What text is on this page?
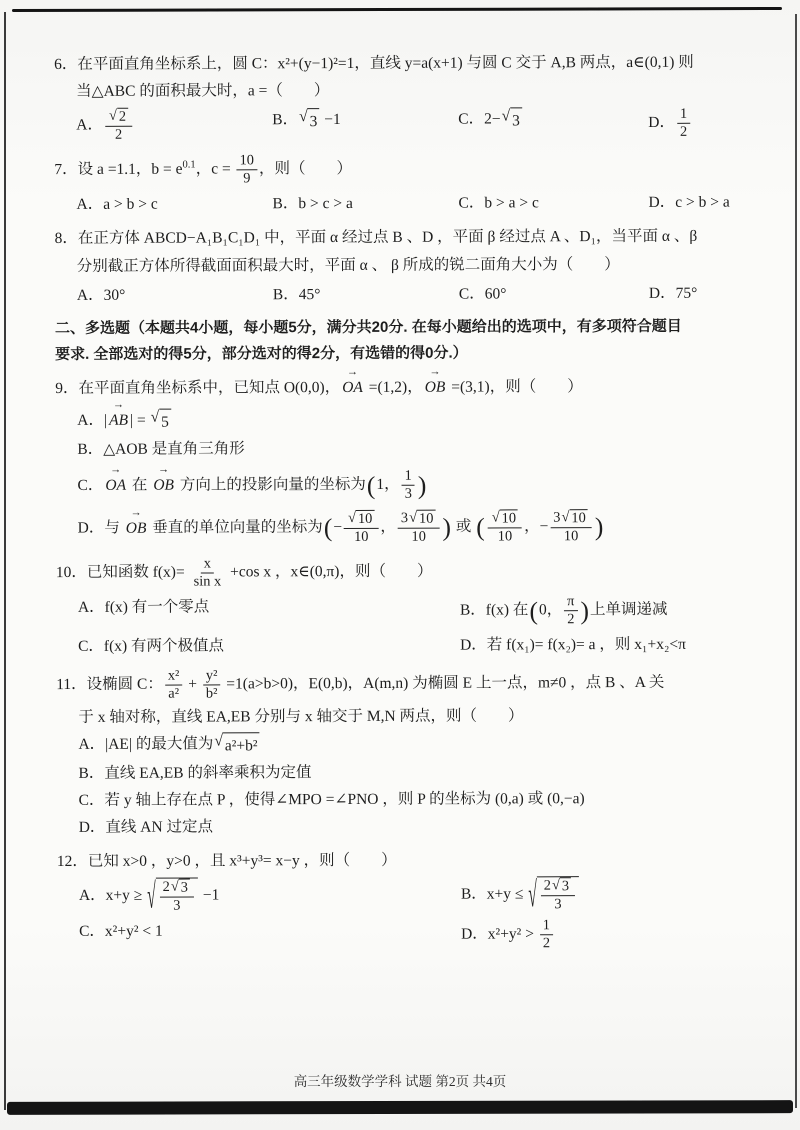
6．在平面直角坐标系上，圆 C：x²+(y−1)²=1，直线 y=a(x+1) 与圆 C 交于 A,B 两点，a∈(0,1) 则
当△ABC 的面积最大时，a =（　　）
A． $\frac{√ 2}{2}$	B． √ 3 −1	C．2− √ 3	D． $\frac{1}{2}$
7．设 a =1.1，$b = e^{0.1}$，$c = \frac{10}{9}$ ，则（　　）
A．a > b > c	B．b > c > a	C．b > a > c	D．c > b > a
8．在正方体 ABCD−A₁B₁C₁D₁ 中，平面 α 经过点 B 、D ，平面 β 经过点 A 、D₁，当平面 α 、β
分别截正方体所得截面面积最大时，平面 α 、 β 所成的锐二面角大小为（　　）
A．30°	B．45°	C．60°	D．75°
二、多选题（本题共4小题，每小题5分，满分共20分. 在每小题给出的选项中，有多项符合题目
要求. 全部选对的得5分，部分选对的得2分，有选错的得0分.）
9．在平面直角坐标系中，已知点 O(0,0)，
→
OA =(1,2)，
→
OB =(3,1)，则（　　）
A．|
→
AB | = √ 5
B．△AOB 是直角三角形
C．
→
OA 在
→
OB 方向上的投影向量的坐标为(1， $\frac{1}{3}$ )
D．与
→
OB 垂直的单位向量的坐标为(− $\frac{√ 10}{10}$ ， $\frac{3 √ 10}{10}$ ) 或 ( $\frac{√ 10}{10}$ ，− $\frac{3 √ 10}{10}$ )
10．已知函数 $f(x)= \frac{x}{\text{sin x}} +\cos$ x ，x∈(0,π)，则（　　）
A．f(x) 有一个零点	B．f(x) 在(0， $\frac{\pi}{2}$ )上单调递减
C．f(x) 有两个极值点	D．若 f(x₁)= f(x₂)= a ，则 x₁+x₂<π
11．设椭圆 C： $\frac{\text{x²}}{\text{a²}} + \frac{\text{y²}}{\text{b²}} =1(a>b>0)$，E(0,b)，A(m,n) 为椭圆 E 上一点，m≠0 ，点 B 、A 关
于 x 轴对称，直线 EA,EB 分别与 x 轴交于 M,N 两点，则（　　）
A．|AE| 的最大值为 √ a²+b²
B．直线 EA,EB 的斜率乘积为定值
C．若 y 轴上存在点 P ，使得∠MPO =∠PNO ，则 P 的坐标为 (0,a) 或 (0,−a)
D．直线 AN 过定点
12．已知 x>0 ，y>0 ，且 x³+y³= x−y ，则（　　）
A．x+y ≥ √ $\frac{2 √ 3}{3} -1$	B．x+y ≤ √ $\frac{2 √ 3}{3}$
C．x²+y² < 1	D．$x^2+y^2 > \frac{1}{2}$
高三年级数学学科 试题 第2页 共4页
